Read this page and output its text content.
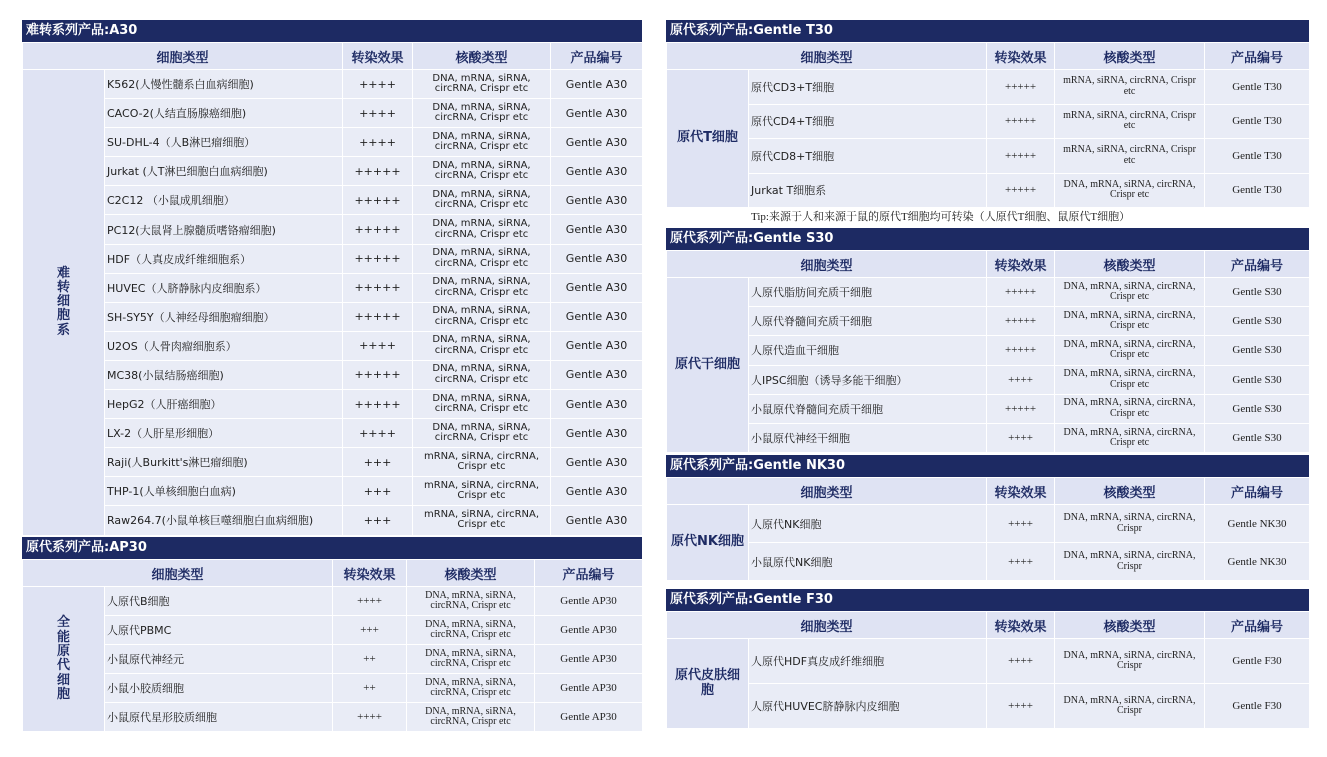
难转系列产品:A30
细胞类型		转染效果	核酸类型	产品编号
难转细胞系	K562(人慢性髓系白血病细胞)	++++	DNA, mRNA, siRNA, circRNA, Crispr etc	Gentle A30
	CACO-2(人结直肠腺癌细胞)	++++	DNA, mRNA, siRNA, circRNA, Crispr etc	Gentle A30
	SU-DHL-4（人B淋巴瘤细胞）	++++	DNA, mRNA, siRNA, circRNA, Crispr etc	Gentle A30
	Jurkat (人T淋巴细胞白血病细胞)	+++++	DNA, mRNA, siRNA, circRNA, Crispr etc	Gentle A30
	C2C12 （小鼠成肌细胞）	+++++	DNA, mRNA, siRNA, circRNA, Crispr etc	Gentle A30
	PC12(大鼠肾上腺髓质嗜铬瘤细胞)	+++++	DNA, mRNA, siRNA, circRNA, Crispr etc	Gentle A30
	HDF（人真皮成纤维细胞系）	+++++	DNA, mRNA, siRNA, circRNA, Crispr etc	Gentle A30
	HUVEC（人脐静脉内皮细胞系）	+++++	DNA, mRNA, siRNA, circRNA, Crispr etc	Gentle A30
	SH-SY5Y（人神经母细胞瘤细胞）	+++++	DNA, mRNA, siRNA, circRNA, Crispr etc	Gentle A30
	U2OS（人骨肉瘤细胞系）	++++	DNA, mRNA, siRNA, circRNA, Crispr etc	Gentle A30
	MC38(小鼠结肠癌细胞)	+++++	DNA, mRNA, siRNA, circRNA, Crispr etc	Gentle A30
	HepG2（人肝癌细胞）	+++++	DNA, mRNA, siRNA, circRNA, Crispr etc	Gentle A30
	LX-2（人肝星形细胞）	++++	DNA, mRNA, siRNA, circRNA, Crispr etc	Gentle A30
	Raji(人Burkitt's淋巴瘤细胞)	+++	mRNA, siRNA, circRNA, Crispr etc	Gentle A30
	THP-1(人单核细胞白血病)	+++	mRNA, siRNA, circRNA, Crispr etc	Gentle A30
	Raw264.7(小鼠单核巨噬细胞白血病细胞)	+++	mRNA, siRNA, circRNA, Crispr etc	Gentle A30
原代系列产品:AP30
细胞类型		转染效果	核酸类型	产品编号
全能原代细胞	人原代B细胞	++++	DNA, mRNA, siRNA, circRNA, Crispr etc	Gentle AP30
	人原代PBMC	+++	DNA, mRNA, siRNA, circRNA, Crispr etc	Gentle AP30
	小鼠原代神经元	++	DNA, mRNA, siRNA, circRNA, Crispr etc	Gentle AP30
	小鼠小胶质细胞	++	DNA, mRNA, siRNA, circRNA, Crispr etc	Gentle AP30
	小鼠原代星形胶质细胞	++++	DNA, mRNA, siRNA, circRNA, Crispr etc	Gentle AP30
原代系列产品:Gentle T30
细胞类型		转染效果	核酸类型	产品编号
原代T细胞	原代CD3+T细胞	+++++	mRNA, siRNA, circRNA, Crispr etc	Gentle T30
	原代CD4+T细胞	+++++	mRNA, siRNA, circRNA, Crispr etc	Gentle T30
	原代CD8+T细胞	+++++	mRNA, siRNA, circRNA, Crispr etc	Gentle T30
	Jurkat T细胞系	+++++	DNA, mRNA, siRNA, circRNA, Crispr etc	Gentle T30
	Tip:来源于人和来源于鼠的原代T细胞均可转染（人原代T细胞、鼠原代T细胞）			
原代系列产品:Gentle S30
细胞类型		转染效果	核酸类型	产品编号
原代干细胞	人原代脂肪间充质干细胞	+++++	DNA, mRNA, siRNA, circRNA, Crispr etc	Gentle S30
	人原代脊髓间充质干细胞	+++++	DNA, mRNA, siRNA, circRNA, Crispr etc	Gentle S30
	人原代造血干细胞	+++++	DNA, mRNA, siRNA, circRNA, Crispr etc	Gentle S30
	人IPSC细胞（诱导多能干细胞）	++++	DNA, mRNA, siRNA, circRNA, Crispr etc	Gentle S30
	小鼠原代脊髓间充质干细胞	+++++	DNA, mRNA, siRNA, circRNA, Crispr etc	Gentle S30
	小鼠原代神经干细胞	++++	DNA, mRNA, siRNA, circRNA, Crispr etc	Gentle S30
原代系列产品:Gentle NK30
细胞类型		转染效果	核酸类型	产品编号
原代NK细胞	人原代NK细胞	++++	DNA, mRNA, siRNA, circRNA, Crispr	Gentle NK30
	小鼠原代NK细胞	++++	DNA, mRNA, siRNA, circRNA, Crispr	Gentle NK30
原代系列产品:Gentle F30
细胞类型		转染效果	核酸类型	产品编号
原代皮肤细胞	人原代HDF真皮成纤维细胞	++++	DNA, mRNA, siRNA, circRNA, Crispr	Gentle F30
	人原代HUVEC脐静脉内皮细胞	++++	DNA, mRNA, siRNA, circRNA, Crispr	Gentle F30
